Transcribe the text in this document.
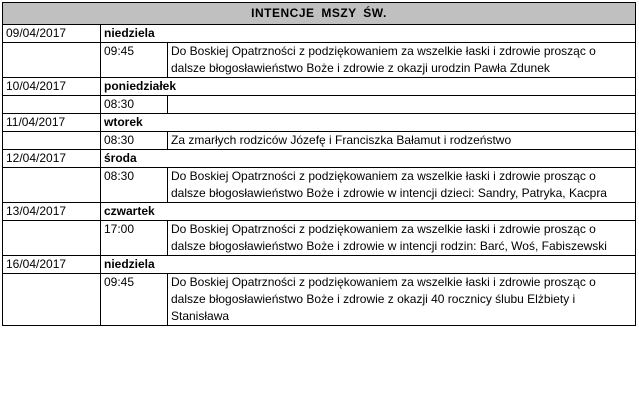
INTENCJE MSZY ŚW.		
09/04/2017	niedziela	
	09:45	Do Boskiej Opatrzności z podziękowaniem za wszelkie łaski i zdrowie prosząc o dalsze błogosławieństwo Boże i zdrowie z okazji urodzin Pawła Zdunek
10/04/2017	poniedziałek	
	08:30	
11/04/2017	wtorek	
	08:30	Za zmarłych rodziców Józefę i Franciszka Bałamut i rodzeństwo
12/04/2017	środa	
	08:30	Do Boskiej Opatrzności z podziękowaniem za wszelkie łaski i zdrowie prosząc o dalsze błogosławieństwo Boże i zdrowie w intencji dzieci: Sandry, Patryka, Kacpra
13/04/2017	czwartek	
	17:00	Do Boskiej Opatrzności z podziękowaniem za wszelkie łaski i zdrowie prosząc o dalsze błogosławieństwo Boże i zdrowie w intencji rodzin: Barć, Woś, Fabiszewski
16/04/2017	niedziela	
	09:45	Do Boskiej Opatrzności z podziękowaniem za wszelkie łaski i zdrowie prosząc o dalsze błogosławieństwo Boże i zdrowie z okazji 40 rocznicy ślubu Elżbiety i Stanisława
